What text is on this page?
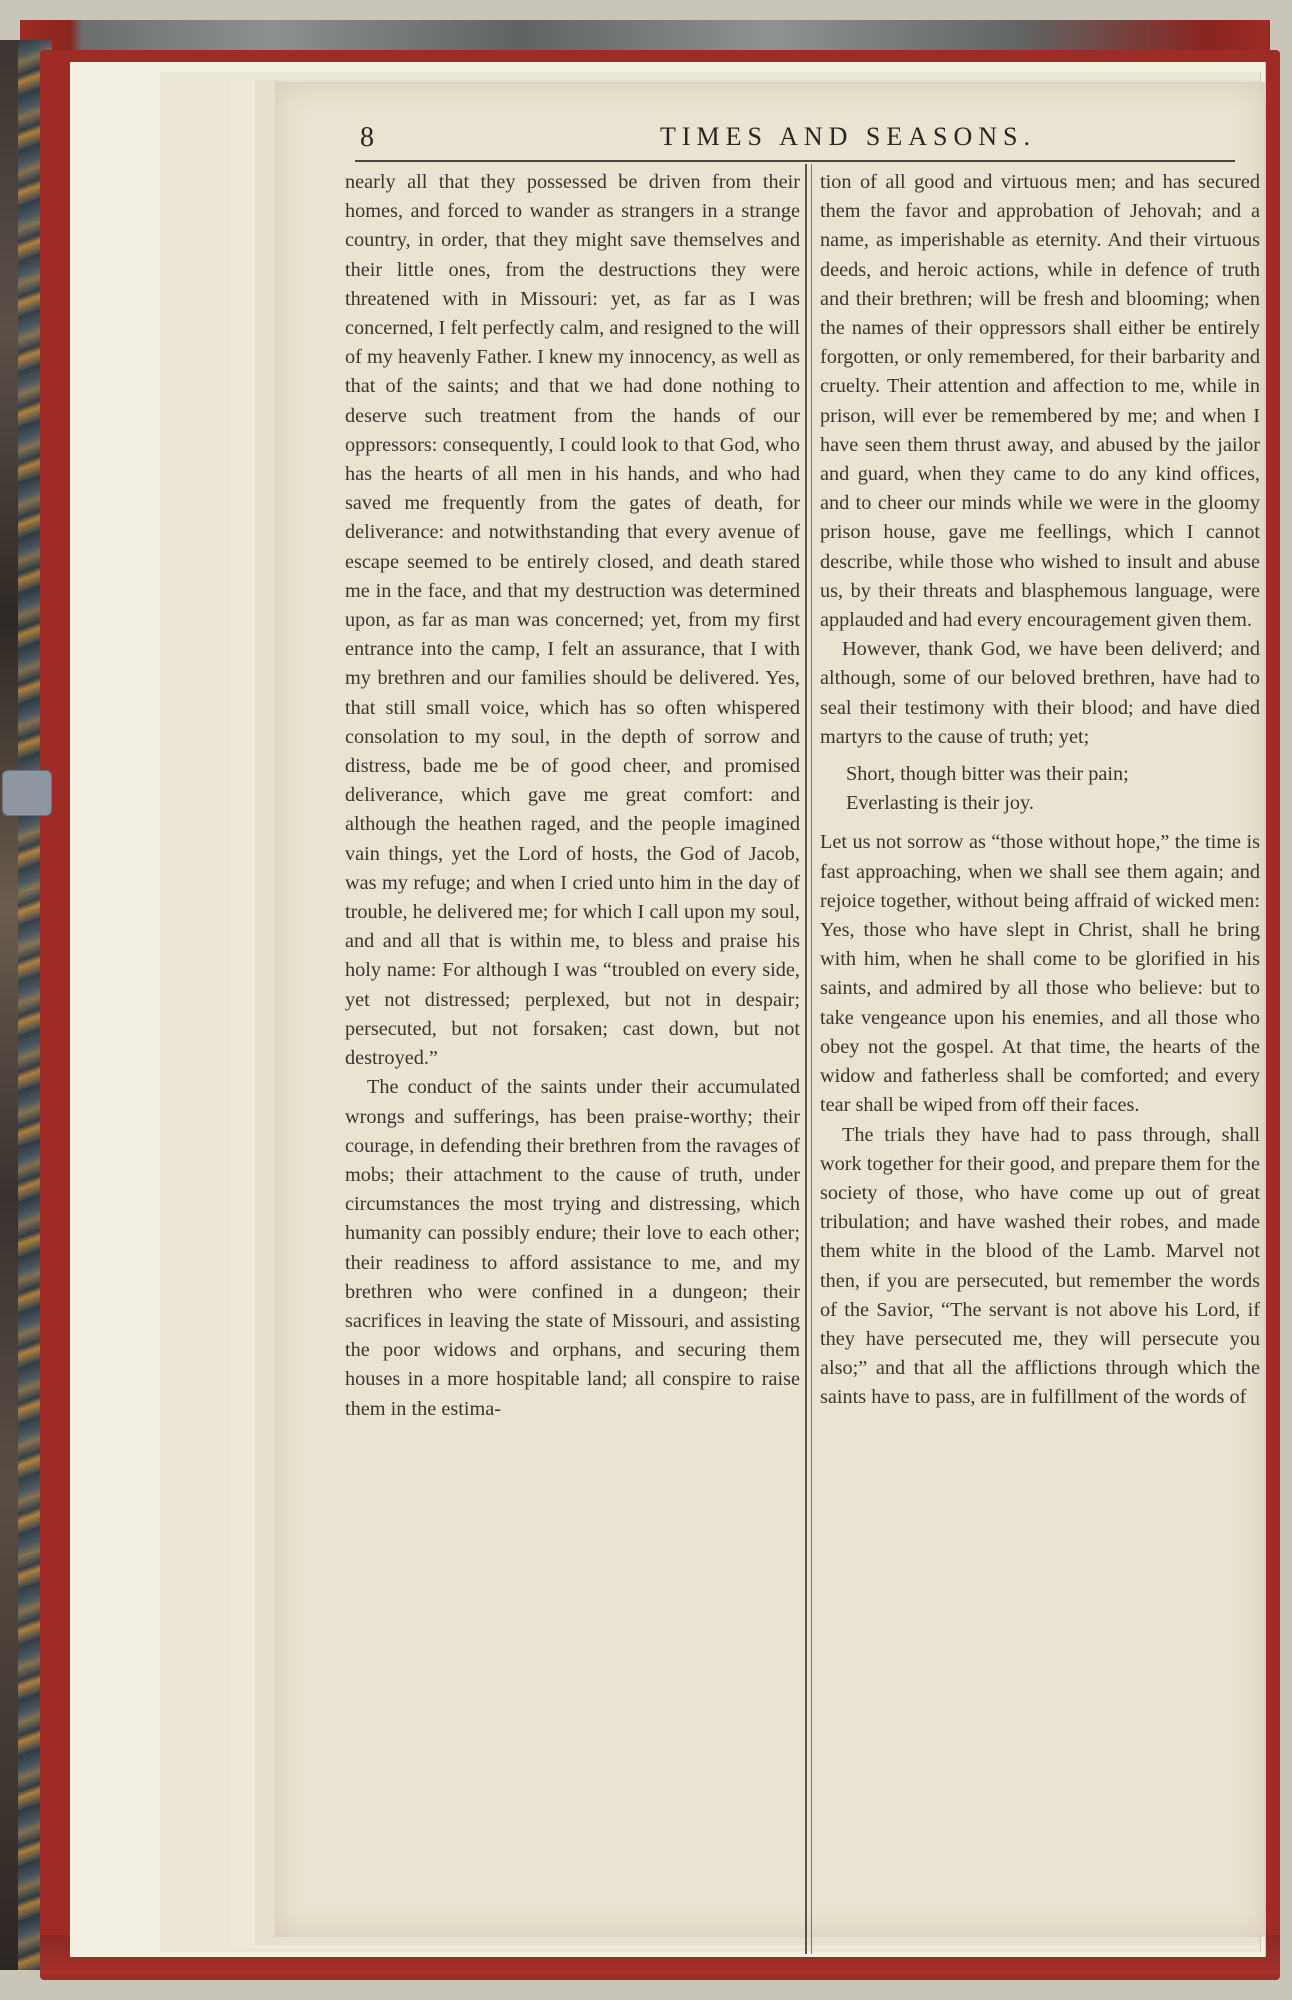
8	TIMES AND SEASONS.

nearly all that they possessed be driven from their homes, and forced to wander as strangers in a strange country, in order, that they might save themselves and their little ones, from the destructions they were threatened with in Missouri: yet, as far as I was concerned, I felt perfectly calm, and resigned to the will of my heavenly Father. I knew my innocency, as well as that of the saints; and that we had done nothing to deserve such treatment from the hands of our oppressors: consequently, I could look to that God, who has the hearts of all men in his hands, and who had saved me frequently from the gates of death, for deliverance: and notwithstanding that every avenue of escape seemed to be entirely closed, and death stared me in the face, and that my destruction was determined upon, as far as man was concerned; yet, from my first entrance into the camp, I felt an assurance, that I with my brethren and our families should be delivered. Yes, that still small voice, which has so often whispered consolation to my soul, in the depth of sorrow and distress, bade me be of good cheer, and promised deliverance, which gave me great comfort: and although the heathen raged, and the people imagined vain things, yet the Lord of hosts, the God of Jacob, was my refuge; and when I cried unto him in the day of trouble, he delivered me; for which I call upon my soul, and and all that is within me, to bless and praise his holy name: For although I was “troubled on every side, yet not distressed; perplexed, but not in despair; persecuted, but not forsaken; cast down, but not destroyed.”

The conduct of the saints under their accumulated wrongs and sufferings, has been praise-worthy; their courage, in defending their brethren from the ravages of mobs; their attachment to the cause of truth, under circumstances the most trying and distressing, which humanity can possibly endure; their love to each other; their readiness to afford assistance to me, and my brethren who were confined in a dungeon; their sacrifices in leaving the state of Missouri, and assisting the poor widows and orphans, and securing them houses in a more hospitable land; all conspire to raise them in the estima-

tion of all good and virtuous men; and has secured them the favor and approbation of Jehovah; and a name, as imperishable as eternity. And their virtuous deeds, and heroic actions, while in defence of truth and their brethren; will be fresh and blooming; when the names of their oppressors shall either be entirely forgotten, or only remembered, for their barbarity and cruelty. Their attention and affection to me, while in prison, will ever be remembered by me; and when I have seen them thrust away, and abused by the jailor and guard, when they came to do any kind offices, and to cheer our minds while we were in the gloomy prison house, gave me feellings, which I cannot describe, while those who wished to insult and abuse us, by their threats and blasphemous language, were applauded and had every encouragement given them.

However, thank God, we have been deliverd; and although, some of our beloved brethren, have had to seal their testimony with their blood; and have died martyrs to the cause of truth; yet;

Short, though bitter was their pain;
Everlasting is their joy.

Let us not sorrow as “those without hope,” the time is fast approaching, when we shall see them again; and rejoice together, without being affraid of wicked men: Yes, those who have slept in Christ, shall he bring with him, when he shall come to be glorified in his saints, and admired by all those who believe: but to take vengeance upon his enemies, and all those who obey not the gospel. At that time, the hearts of the widow and fatherless shall be comforted; and every tear shall be wiped from off their faces.

The trials they have had to pass through, shall work together for their good, and prepare them for the society of those, who have come up out of great tribulation; and have washed their robes, and made them white in the blood of the Lamb. Marvel not then, if you are persecuted, but remember the words of the Savior, “The servant is not above his Lord, if they have persecuted me, they will persecute you also;” and that all the afflictions through which the saints have to pass, are in fulfillment of the words of
